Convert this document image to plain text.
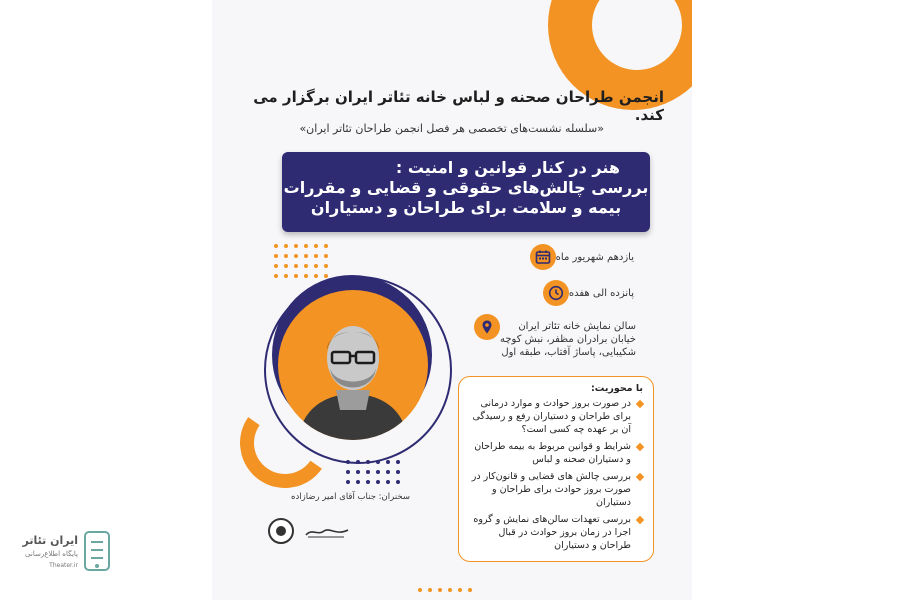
انجمن طراحان صحنه و لباس خانه تئاتر ایران برگزار می کند.
«سلسله نشست‌های تخصصی هر فصل انجمن طراحان تئاتر ایران»
هنر در کنار قوانین و امنیت :
بررسی چالش‌های حقوقی و قضایی و مقررات
بیمه و سلامت برای طراحان و دستیاران
یازدهم شهریور ماه
پانزده الی هفده
سالن نمایش خانه تئاتر ایران
خیابان برادران مظفر، نبش کوچه
شکیبایی، پاساژ آفتاب، طبقه اول
با محوریت:
در صورت بروز حوادث و موارد درمانی برای طراحان و دستیاران رفع و رسیدگی آن بر عهده چه کسی است؟
شرایط و قوانین مربوط به بیمه طراحان و دستیاران صحنه و لباس
بررسی چالش های قضایی و قانون‌کار در صورت بروز حوادث برای طراحان و دستیاران
بررسی تعهدات سالن‌های نمایش و گروه اجرا در زمان بروز حوادث در قبال طراحان و دستیاران
سخنران: جناب آقای امیر رضازاده
ایران تئاتر
پایگاه اطلاع‌رسانی
Theater.ir
